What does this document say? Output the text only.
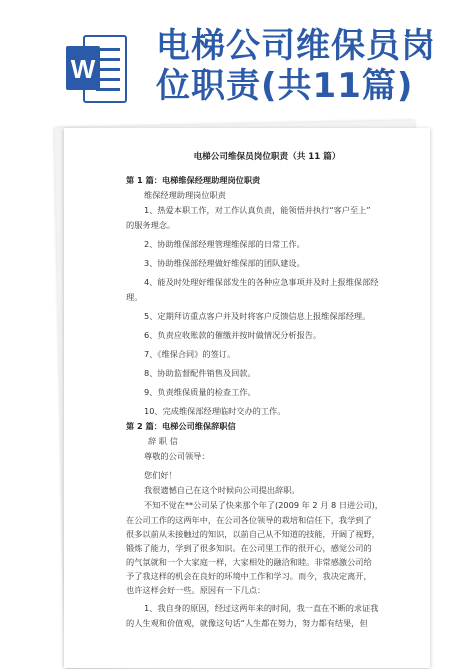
W
电梯公司维保员岗
位职责(共11篇)
电梯公司维保员岗位职责（共 11 篇）
第 1 篇：电梯维保经理助理岗位职责
维保经理助理岗位职责
1、热爱本职工作，对工作认真负责，能领悟并执行“客户至上”
的服务理念。
2、协助维保部经理管理维保部的日常工作。
3、协助维保部经理做好维保部的团队建设。
4、能及时处理好维保部发生的各种应急事项并及时上报维保部经
理。
5、定期拜访重点客户并及时将客户反馈信息上报维保部经理。
6、负责应收账款的催缴并按时做情况分析报告。
7、《维保合同》的签订。
8、协助监督配件销售及回款。
9、负责维保质量的检查工作。
10、完成维保部经理临时交办的工作。
第 2 篇：电梯公司维保辞职信
辞 职 信
尊敬的公司领导：
您们好！
我很遗憾自己在这个时候向公司提出辞职。
不知不觉在**公司呆了快来那个年了(2009 年 2 月 8 日进公司)，
在公司工作的这两年中，在公司各位领导的栽培和信任下，我学到了
很多以前从未接触过的知识，以前自己从不知道的技能，开阔了视野，
锻炼了能力，学到了很多知识。在公司里工作的很开心，感觉公司的
的气氛就和一个大家庭一样，大家相处的融洽和睦。非常感激公司给
予了我这样的机会在良好的环境中工作和学习。而今，我决定离开，
也许这样会好一些。原因有一下几点：
1、我自身的原因，经过这两年来的时间，我一直在不断的求证我
的人生观和价值观，就像这句话“人生都在努力，努力都有结果，但
